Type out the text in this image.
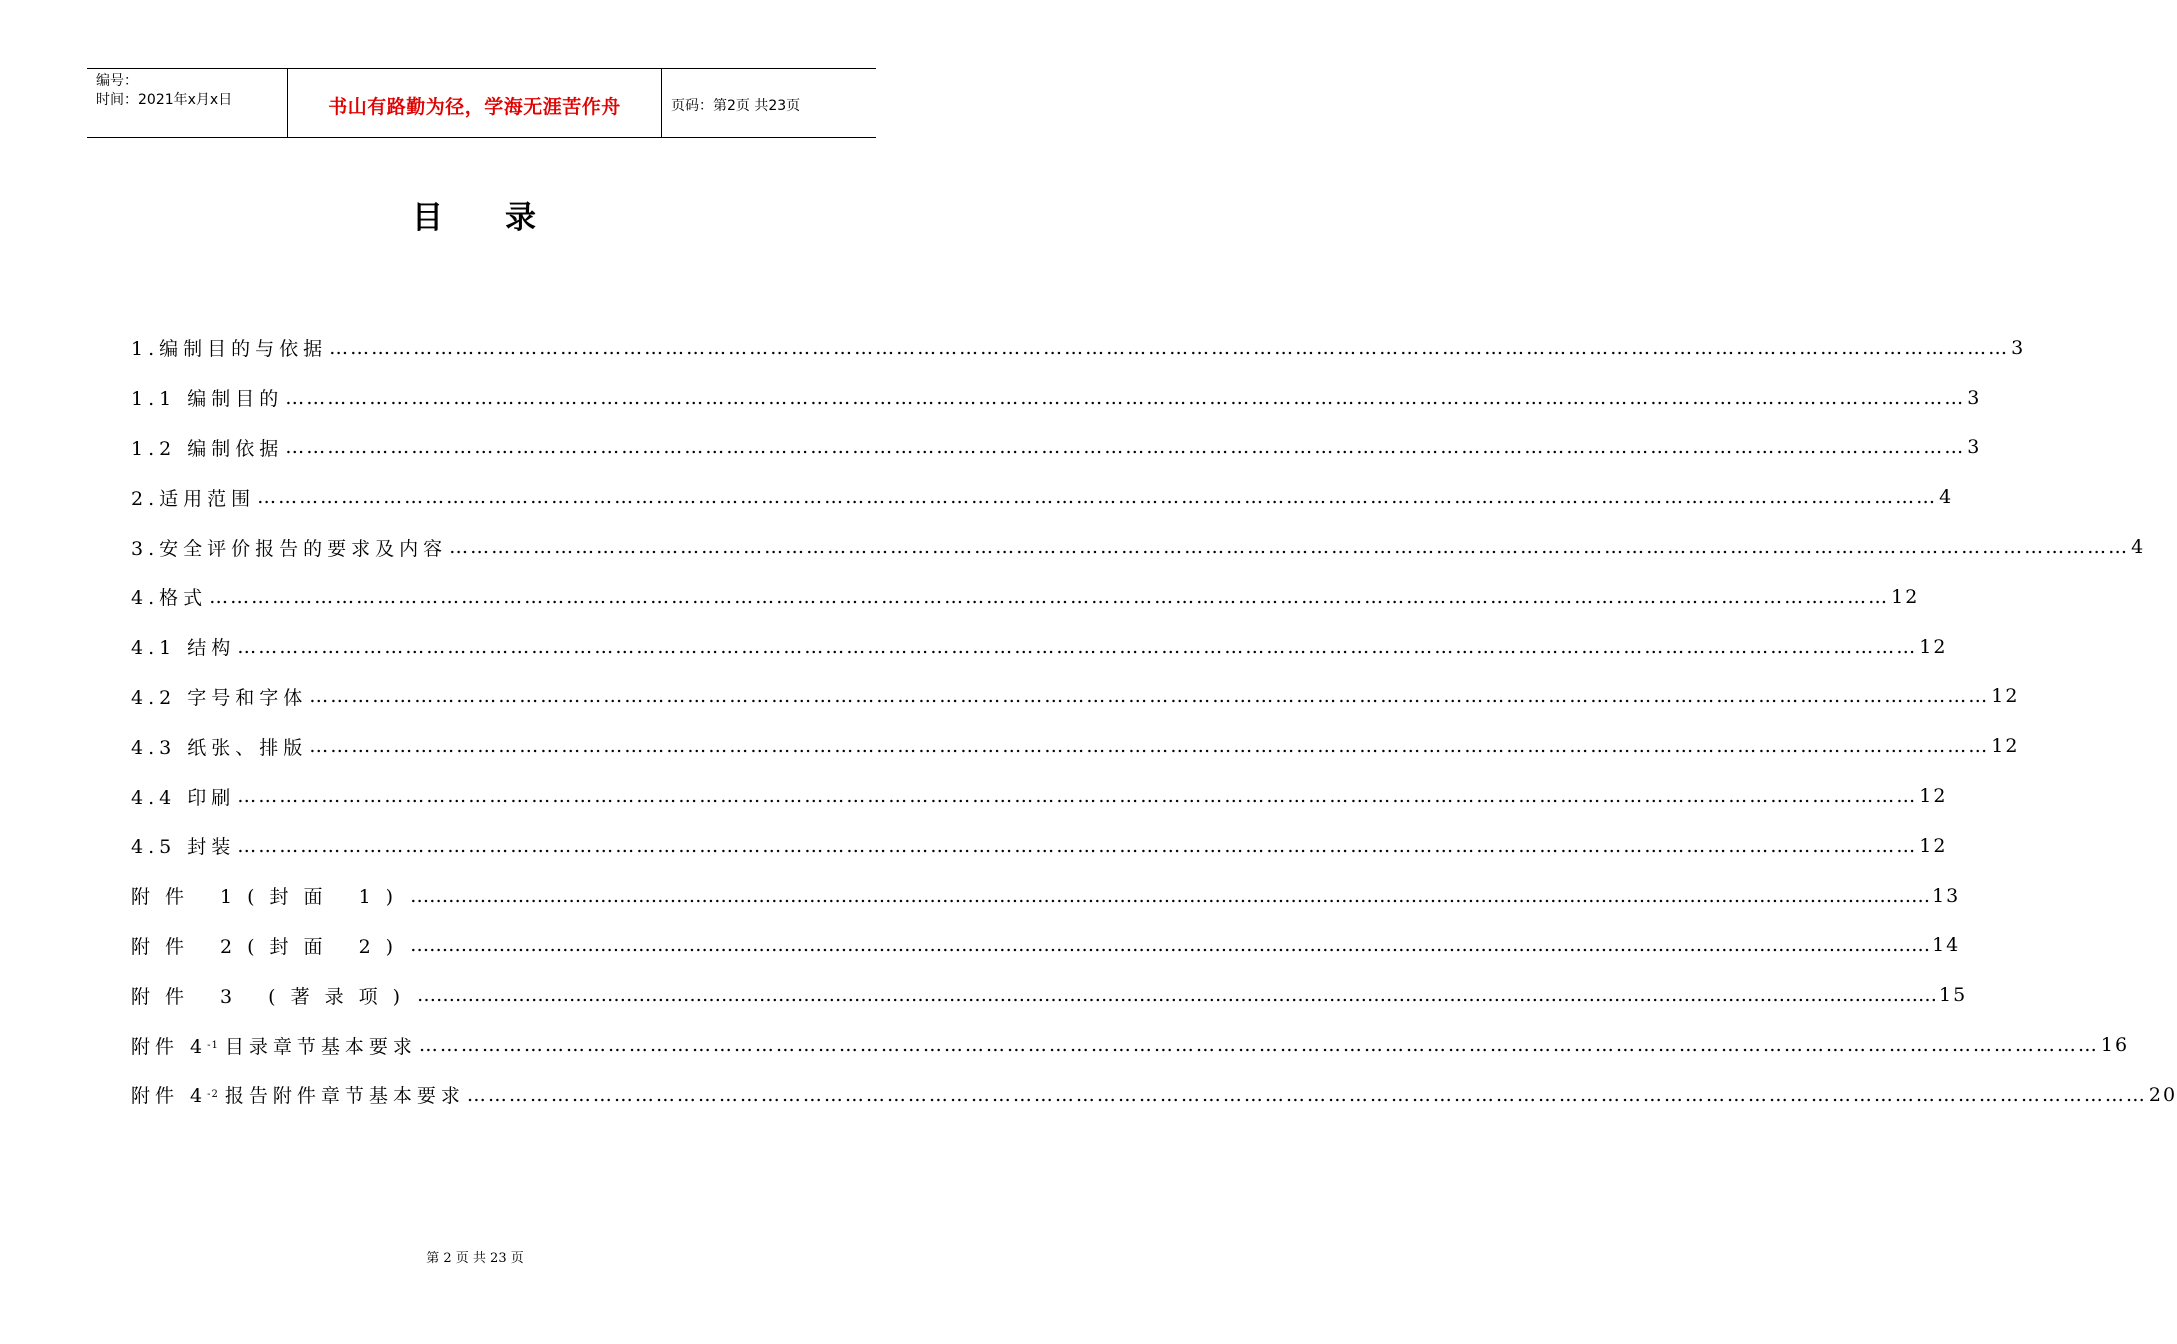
编号：
时间：2021年x月x日	书山有路勤为径，学海无涯苦作舟	页码：第2页 共23页
目 录
1.编制目的与依据 …………………………………………………………………………………………………………………………………………………………………………………………………………………… 3
1.1 编制目的 …………………………………………………………………………………………………………………………………………………………………………………………………………………… 3
1.2 编制依据 …………………………………………………………………………………………………………………………………………………………………………………………………………………… 3
2.适用范围 …………………………………………………………………………………………………………………………………………………………………………………………………………………… 4
3.安全评价报告的要求及内容 …………………………………………………………………………………………………………………………………………………………………………………………………………………… 4
4.格式 …………………………………………………………………………………………………………………………………………………………………………………………………………………… 12
4.1 结构 …………………………………………………………………………………………………………………………………………………………………………………………………………………… 12
4.2 字号和字体 …………………………………………………………………………………………………………………………………………………………………………………………………………………… 12
4.3 纸张、排版 …………………………………………………………………………………………………………………………………………………………………………………………………………………… 12
4.4 印刷 …………………………………………………………………………………………………………………………………………………………………………………………………………………… 12
4.5 封装 …………………………………………………………………………………………………………………………………………………………………………………………………………………… 12
附件 1(封面 1) …………………………………………………………………………………………………………………………………………………………………………………………………………………… 13
附件 2(封面 2) …………………………………………………………………………………………………………………………………………………………………………………………………………………… 14
附件 3 (著录项) …………………………………………………………………………………………………………………………………………………………………………………………………………………… 15
附件 4 -1 目录章节基本要求 …………………………………………………………………………………………………………………………………………………………………………………………………………………… 16
附件 4 -2 报告附件章节基本要求 …………………………………………………………………………………………………………………………………………………………………………………………………………………… 20
第 2 页 共 23 页
